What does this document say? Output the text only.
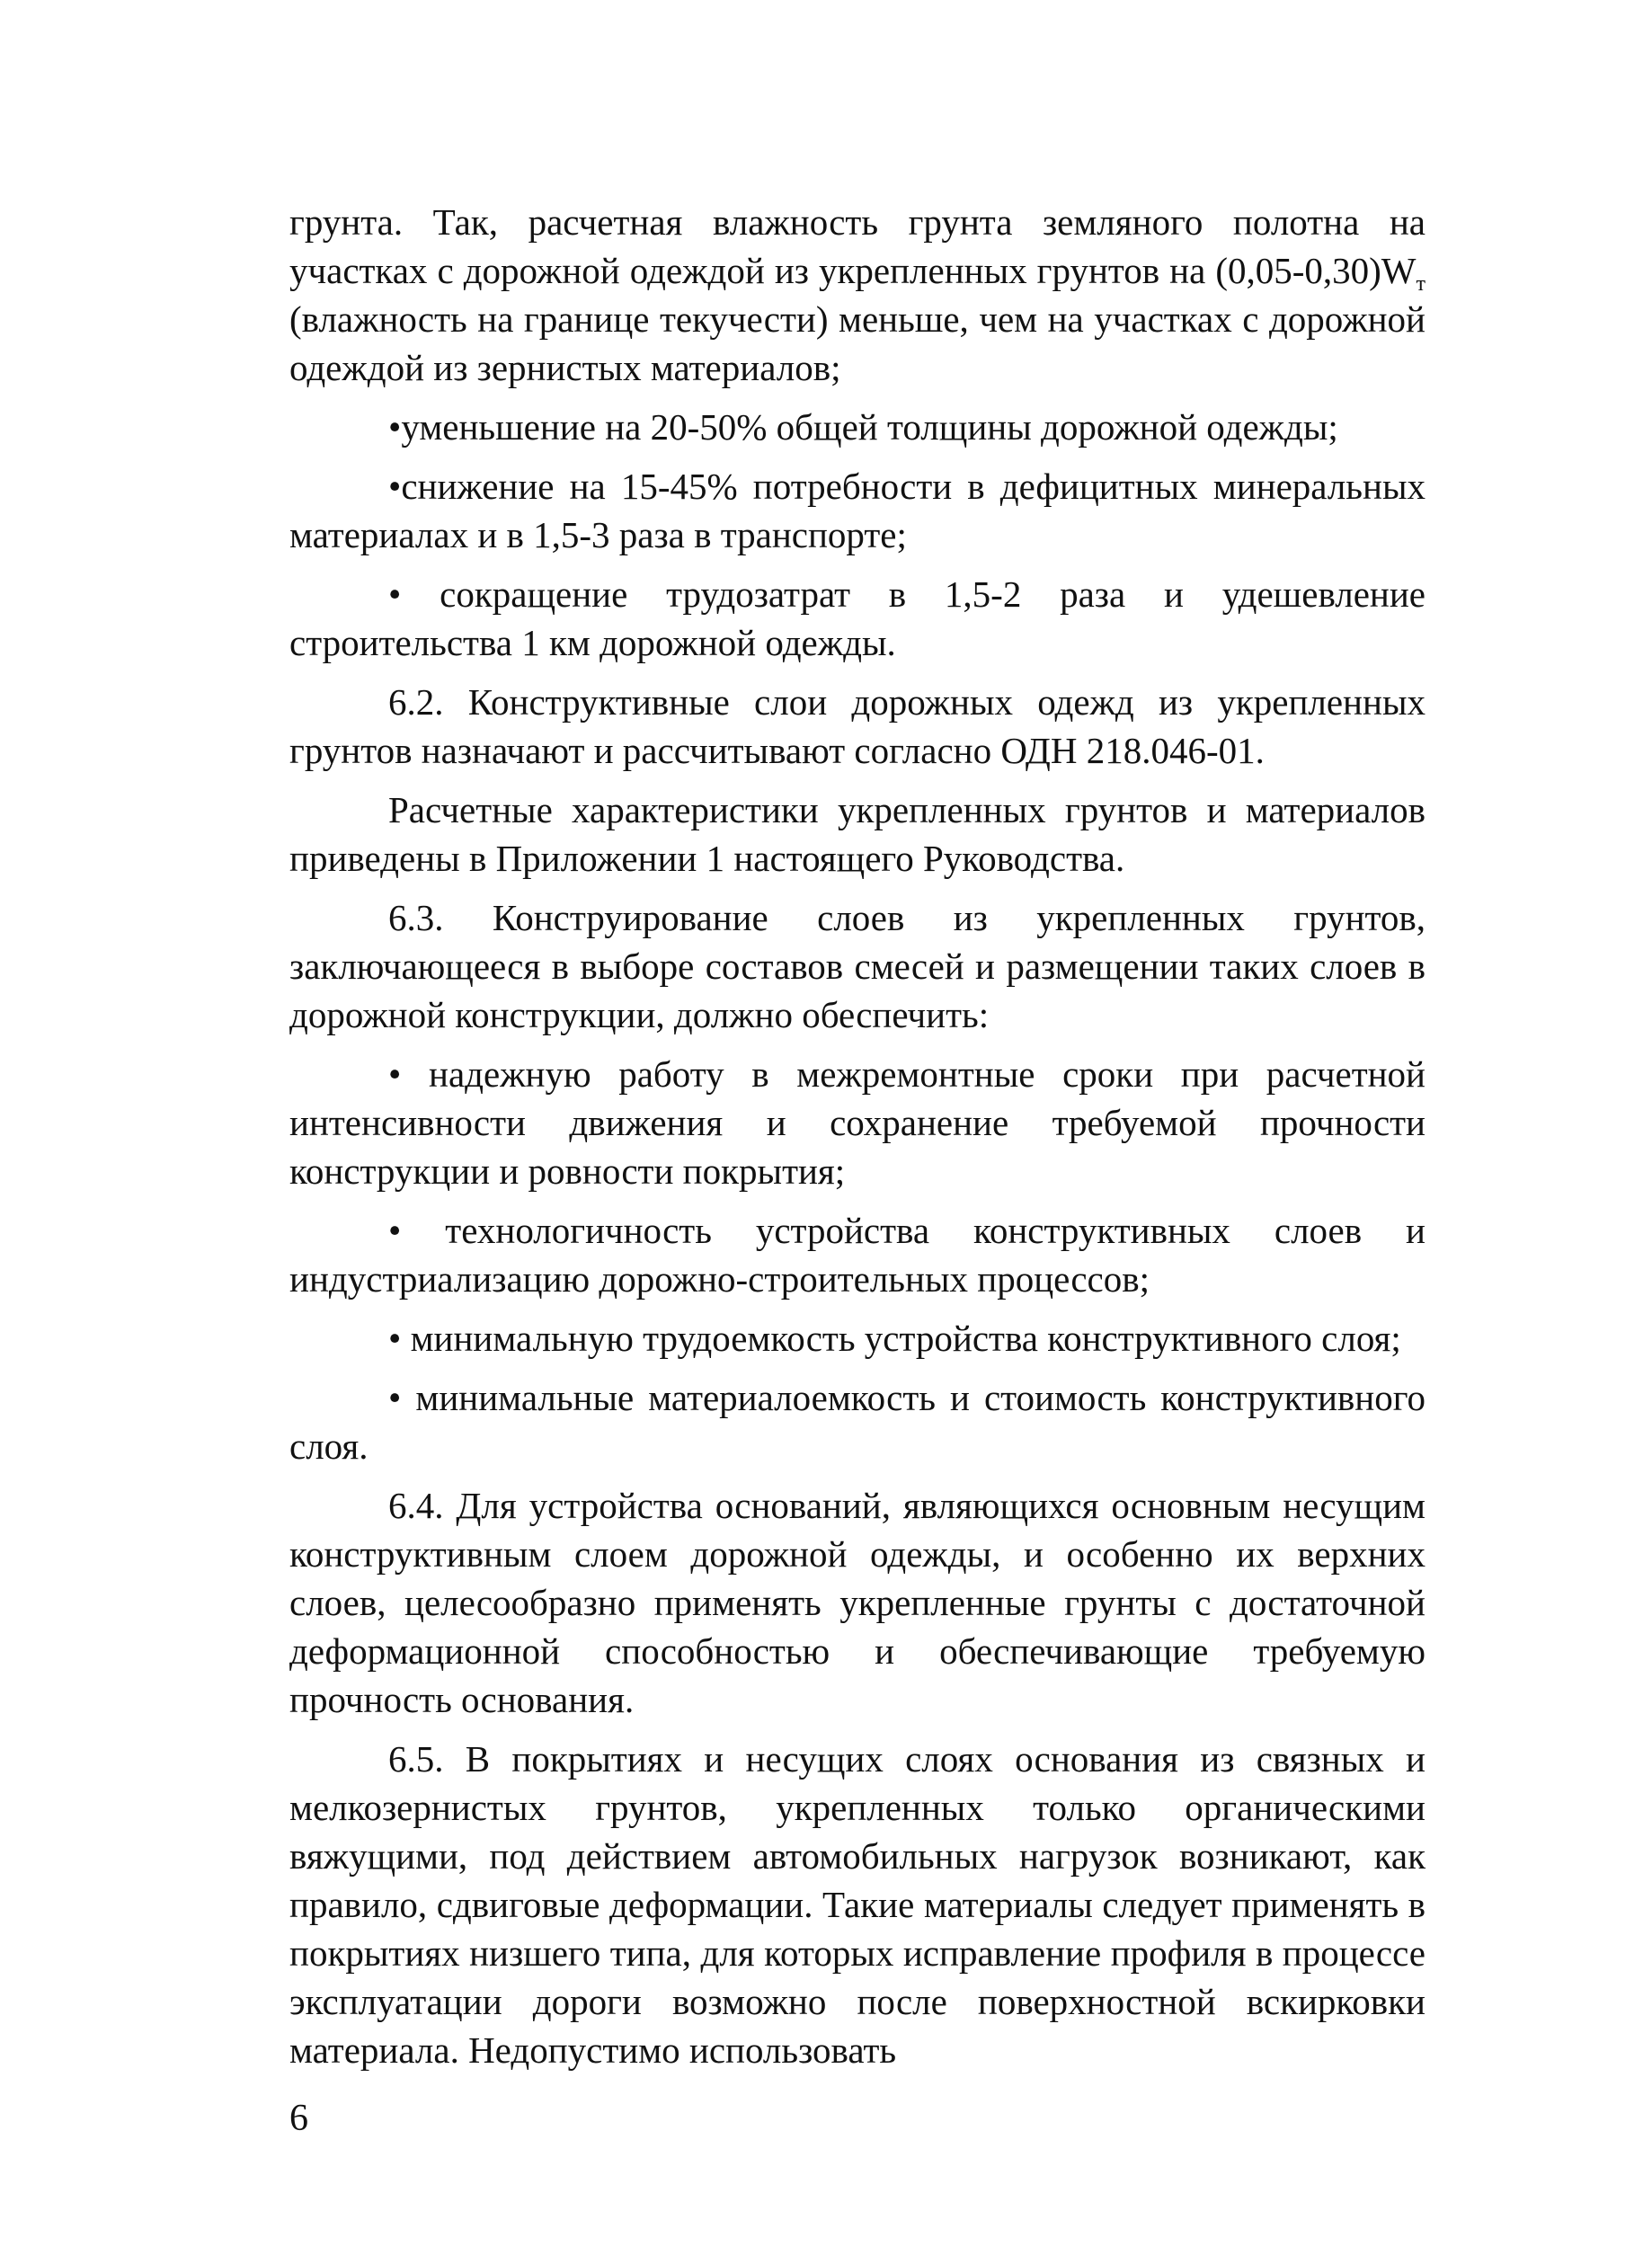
грунта. Так, расчетная влажность грунта земляного полотна на участках с дорожной одеждой из укрепленных грунтов на $(0,05-0,30)W_т$ (влажность на границе текучести) меньше, чем на участках с дорожной одеждой из зернистых материалов;

•уменьшение на 20-50% общей толщины дорожной одежды;

•снижение на 15-45% потребности в дефицитных минеральных материалах и в 1,5-3 раза в транспорте;

• сокращение трудозатрат в 1,5-2 раза и удешевление строительства 1 км дорожной одежды.

6.2. Конструктивные слои дорожных одежд из укрепленных грунтов назначают и рассчитывают согласно ОДН 218.046-01.

Расчетные характеристики укрепленных грунтов и материалов приведены в Приложении 1 настоящего Руководства.

6.3. Конструирование слоев из укрепленных грунтов, заключающееся в выборе составов смесей и размещении таких слоев в дорожной конструкции, должно обеспечить:

• надежную работу в межремонтные сроки при расчетной интенсивности движения и сохранение требуемой прочности конструкции и ровности покрытия;

• технологичность устройства конструктивных слоев и индустриализацию дорожно-строительных процессов;

• минимальную трудоемкость устройства конструктивного слоя;

• минимальные материалоемкость и стоимость конструктивного слоя.

6.4. Для устройства оснований, являющихся основным несущим конструктивным слоем дорожной одежды, и особенно их верхних слоев, целесообразно применять укрепленные грунты с достаточной деформационной способностью и обеспечивающие требуемую прочность основания.

6.5. В покрытиях и несущих слоях основания из связных и мелкозернистых грунтов, укрепленных только органическими вяжущими, под действием автомобильных нагрузок возникают, как правило, сдвиговые деформации. Такие материалы следует применять в покрытиях низшего типа, для которых исправление профиля в процессе эксплуатации дороги возможно после поверхностной вскирковки материала. Недопустимо использовать

6
